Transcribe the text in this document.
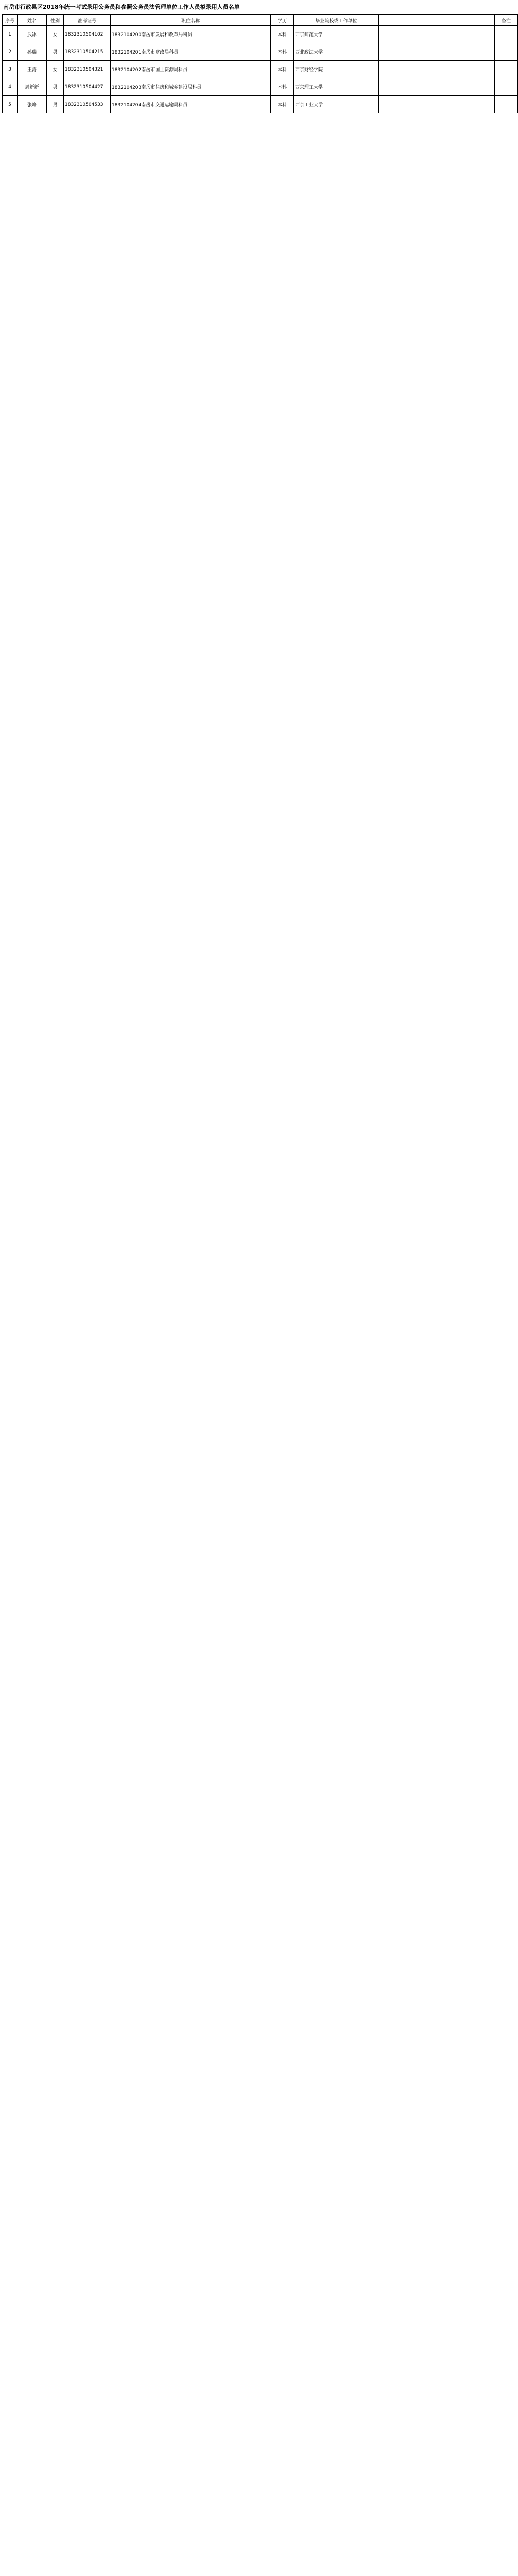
南岳市行政县区2018年统一考试录用公务员和参照公务员法管理单位工作人员拟录用人员名单
序号	姓名	性别	准考证号	职位名称	学历	毕业院校或工作单位		备注
1	武冰	女	1832310504102	1832104200南岳市发展和改革局科员	本科	西京师范大学		
2	孙瑞	男	1832310504215	1832104201南岳市财政局科员	本科	西北政法大学		
3	王涛	女	1832310504321	1832104202南岳市国土资源局科员	本科	西京财经学院		
4	周新新	男	1832310504427	1832104203南岳市住房和城乡建设局科员	本科	西京理工大学		
5	张峰	男	1832310504533	1832104204南岳市交通运输局科员	本科	西京工业大学		
